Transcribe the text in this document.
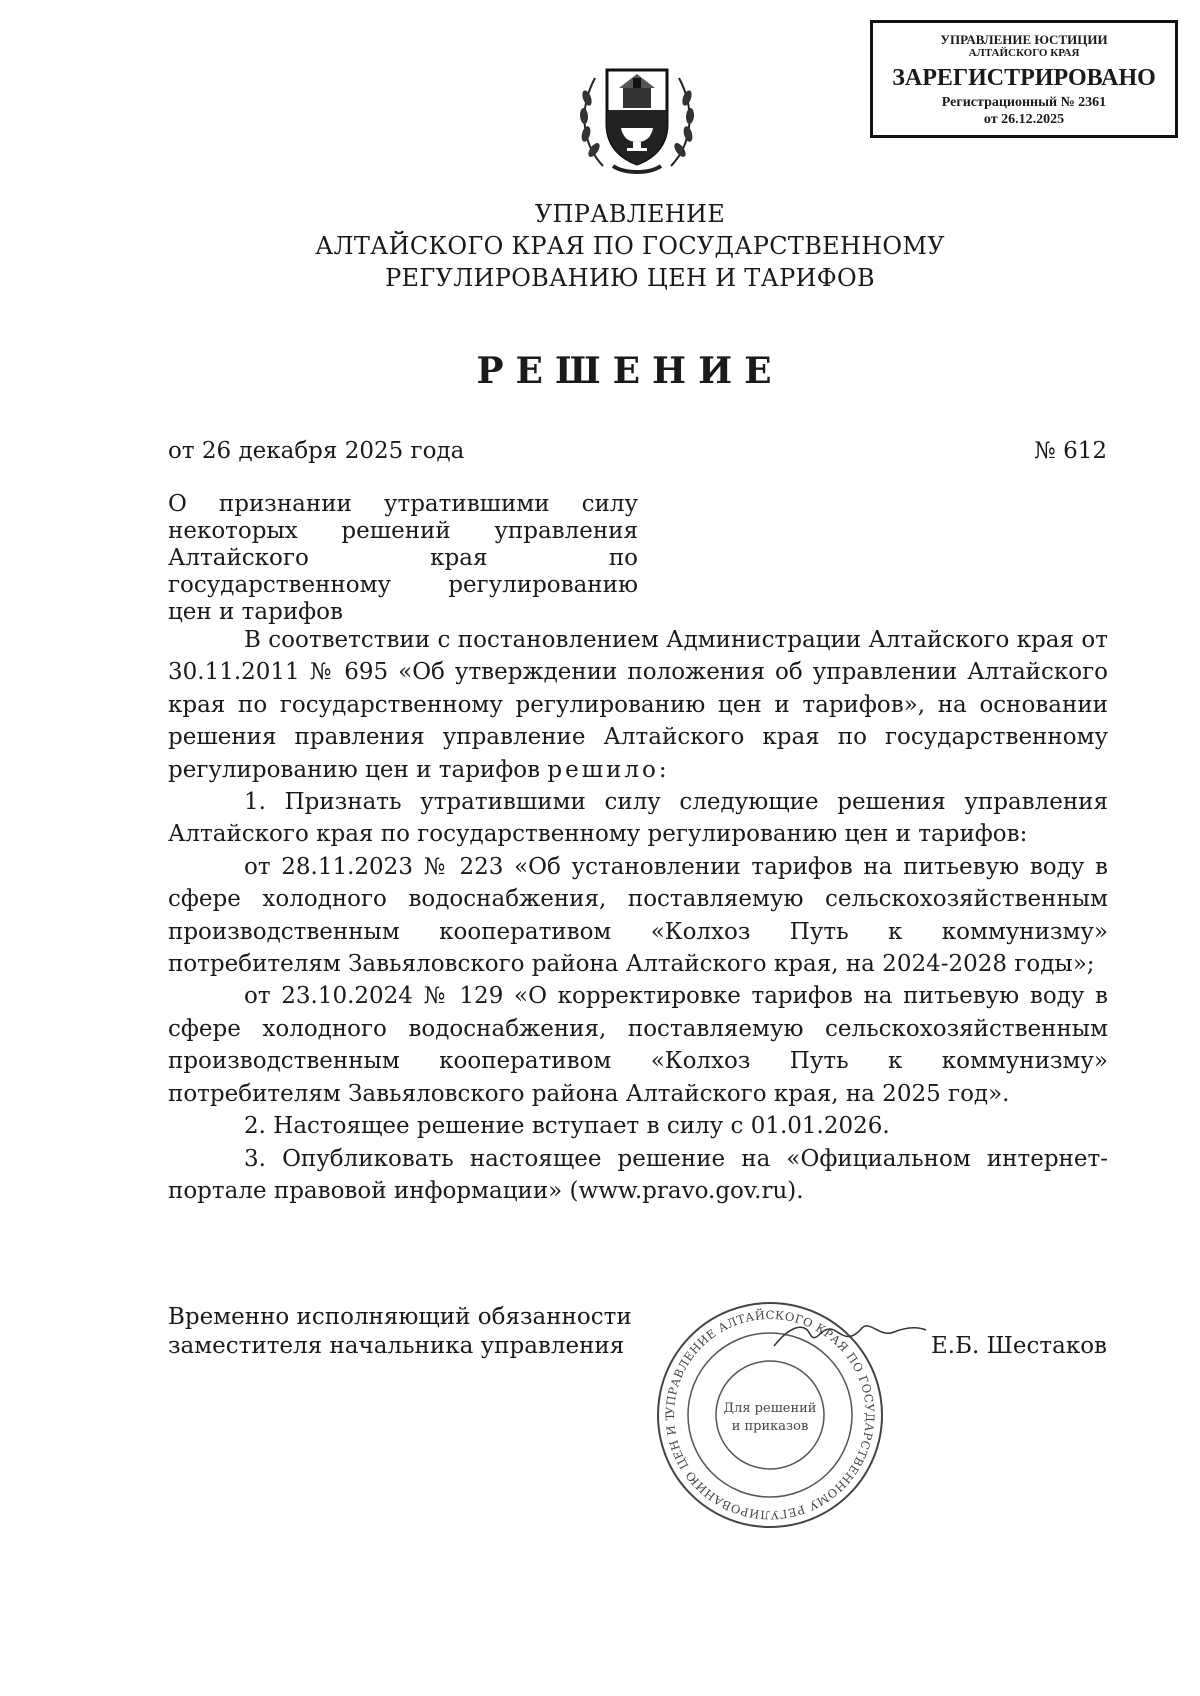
УПРАВЛЕНИЕ ЮСТИЦИИ
АЛТАЙСКОГО КРАЯ
ЗАРЕГИСТРИРОВАНО
Регистрационный № 2361
от 26.12.2025
УПРАВЛЕНИЕ
АЛТАЙСКОГО КРАЯ ПО ГОСУДАРСТВЕННОМУ
РЕГУЛИРОВАНИЮ ЦЕН И ТАРИФОВ
РЕШЕНИЕ
от 26 декабря 2025 года	№ 612
О признании утратившими силу некоторых решений управления Алтайского края по государственному регулированию цен и тарифов

В соответствии с постановлением Администрации Алтайского края от 30.11.2011 № 695 «Об утверждении положения об управлении Алтайского края по государственному регулированию цен и тарифов», на основании решения правления управление Алтайского края по государственному регулированию цен и тарифов решило:

1. Признать утратившими силу следующие решения управления Алтайского края по государственному регулированию цен и тарифов:

от 28.11.2023 № 223 «Об установлении тарифов на питьевую воду в сфере холодного водоснабжения, поставляемую сельскохозяйственным производственным кооперативом «Колхоз Путь к коммунизму» потребителям Завьяловского района Алтайского края, на 2024-2028 годы»;

от 23.10.2024 № 129 «О корректировке тарифов на питьевую воду в сфере холодного водоснабжения, поставляемую сельскохозяйственным производственным кооперативом «Колхоз Путь к коммунизму» потребителям Завьяловского района Алтайского края, на 2025 год».

2. Настоящее решение вступает в силу с 01.01.2026.

3. Опубликовать настоящее решение на «Официальном интернет-портале правовой информации» (www.pravo.gov.ru).

Временно исполняющий обязанности
заместителя начальника управления
УПРАВЛЕНИЕ АЛТАЙСКОГО КРАЯ ПО ГОСУДАРСТВЕННОМУ РЕГУЛИРОВАНИЮ ЦЕН И Т
Для решений
и приказов
Е.Б. Шестаков
